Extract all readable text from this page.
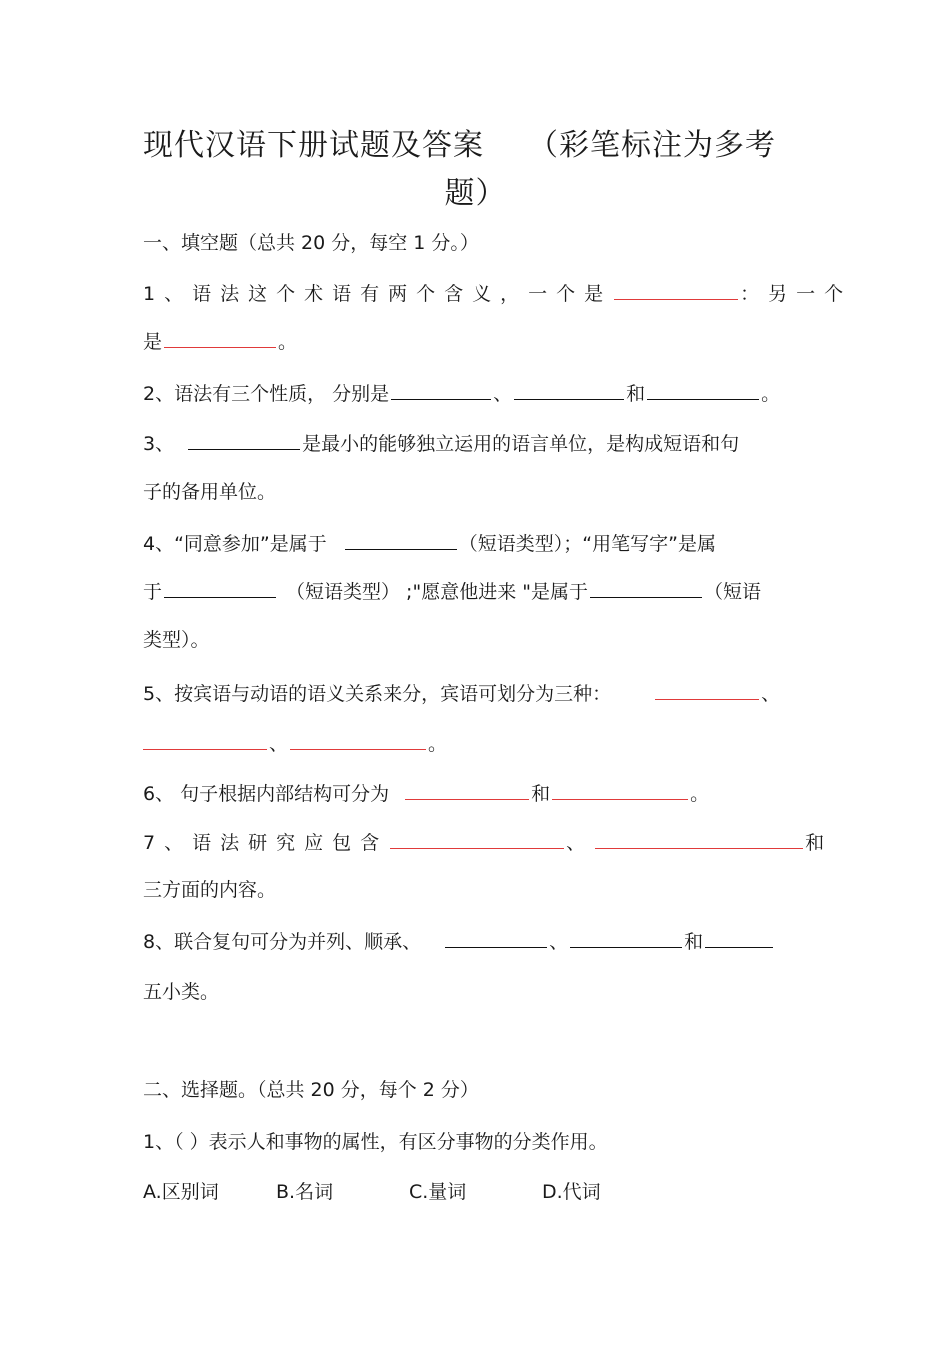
现代汉语下册试题及答案 （彩笔标注为多考
题）
一、填空题（总共 20 分，每空 1 分。）
1、语法这个术语有两个含义，一个是	：另一个
是	。
2、语法有三个性质， 分别是	、	和	。
3、	是最小的能够独立运用的语言单位，是构成短语和句
子的备用单位。
4、“同意参加”是属于	（短语类型）；“用笔写字”是属
于	（短语类型） ;"愿意他进来 "是属于	（短语
类型）。
5、按宾语与动语的语义关系来分，宾语可划分为三种：	、
、	。
6、 句子根据内部结构可分为	和	。
7、语法研究应包含	、	和
三方面的内容。
8、联合复句可分为并列、顺承、	、	和
五小类。
二、选择题。（总共 20 分，每个 2 分）
1、（ ）表示人和事物的属性，有区分事物的分类作用。
A.区别词	B.名词	C.量词	D.代词
